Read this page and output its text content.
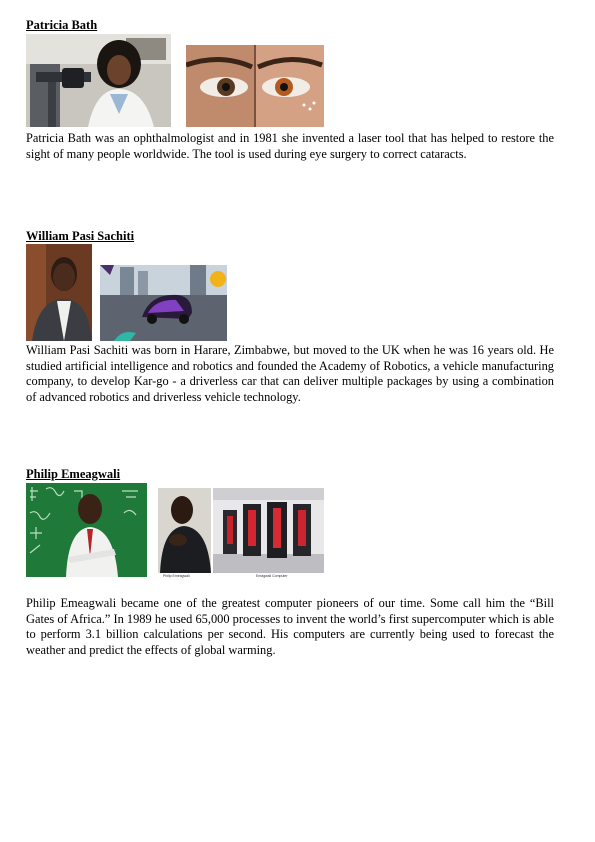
Patricia Bath

Patricia Bath was an ophthalmologist and in 1981 she invented a laser tool that has helped to restore the sight of many people worldwide. The tool is used during eye surgery to correct cataracts.

William Pasi Sachiti

William Pasi Sachiti was born in Harare, Zimbabwe, but moved to the UK when he was 16 years old. He studied artificial intelligence and robotics and founded the Academy of Robotics, a vehicle manufacturing company, to develop Kar-go - a driverless car that can deliver multiple packages by using a combination of advanced robotics and driverless vehicle technology.

Philip Emeagwali
Philip Emeagwali	Emagwali Computer

Philip Emeagwali became one of the greatest computer pioneers of our time. Some call him the “Bill Gates of Africa.” In 1989 he used 65,000 processes to invent the world’s first supercomputer which is able to perform 3.1 billion calculations per second. His computers are currently being used to forecast the weather and predict the effects of global warming.
